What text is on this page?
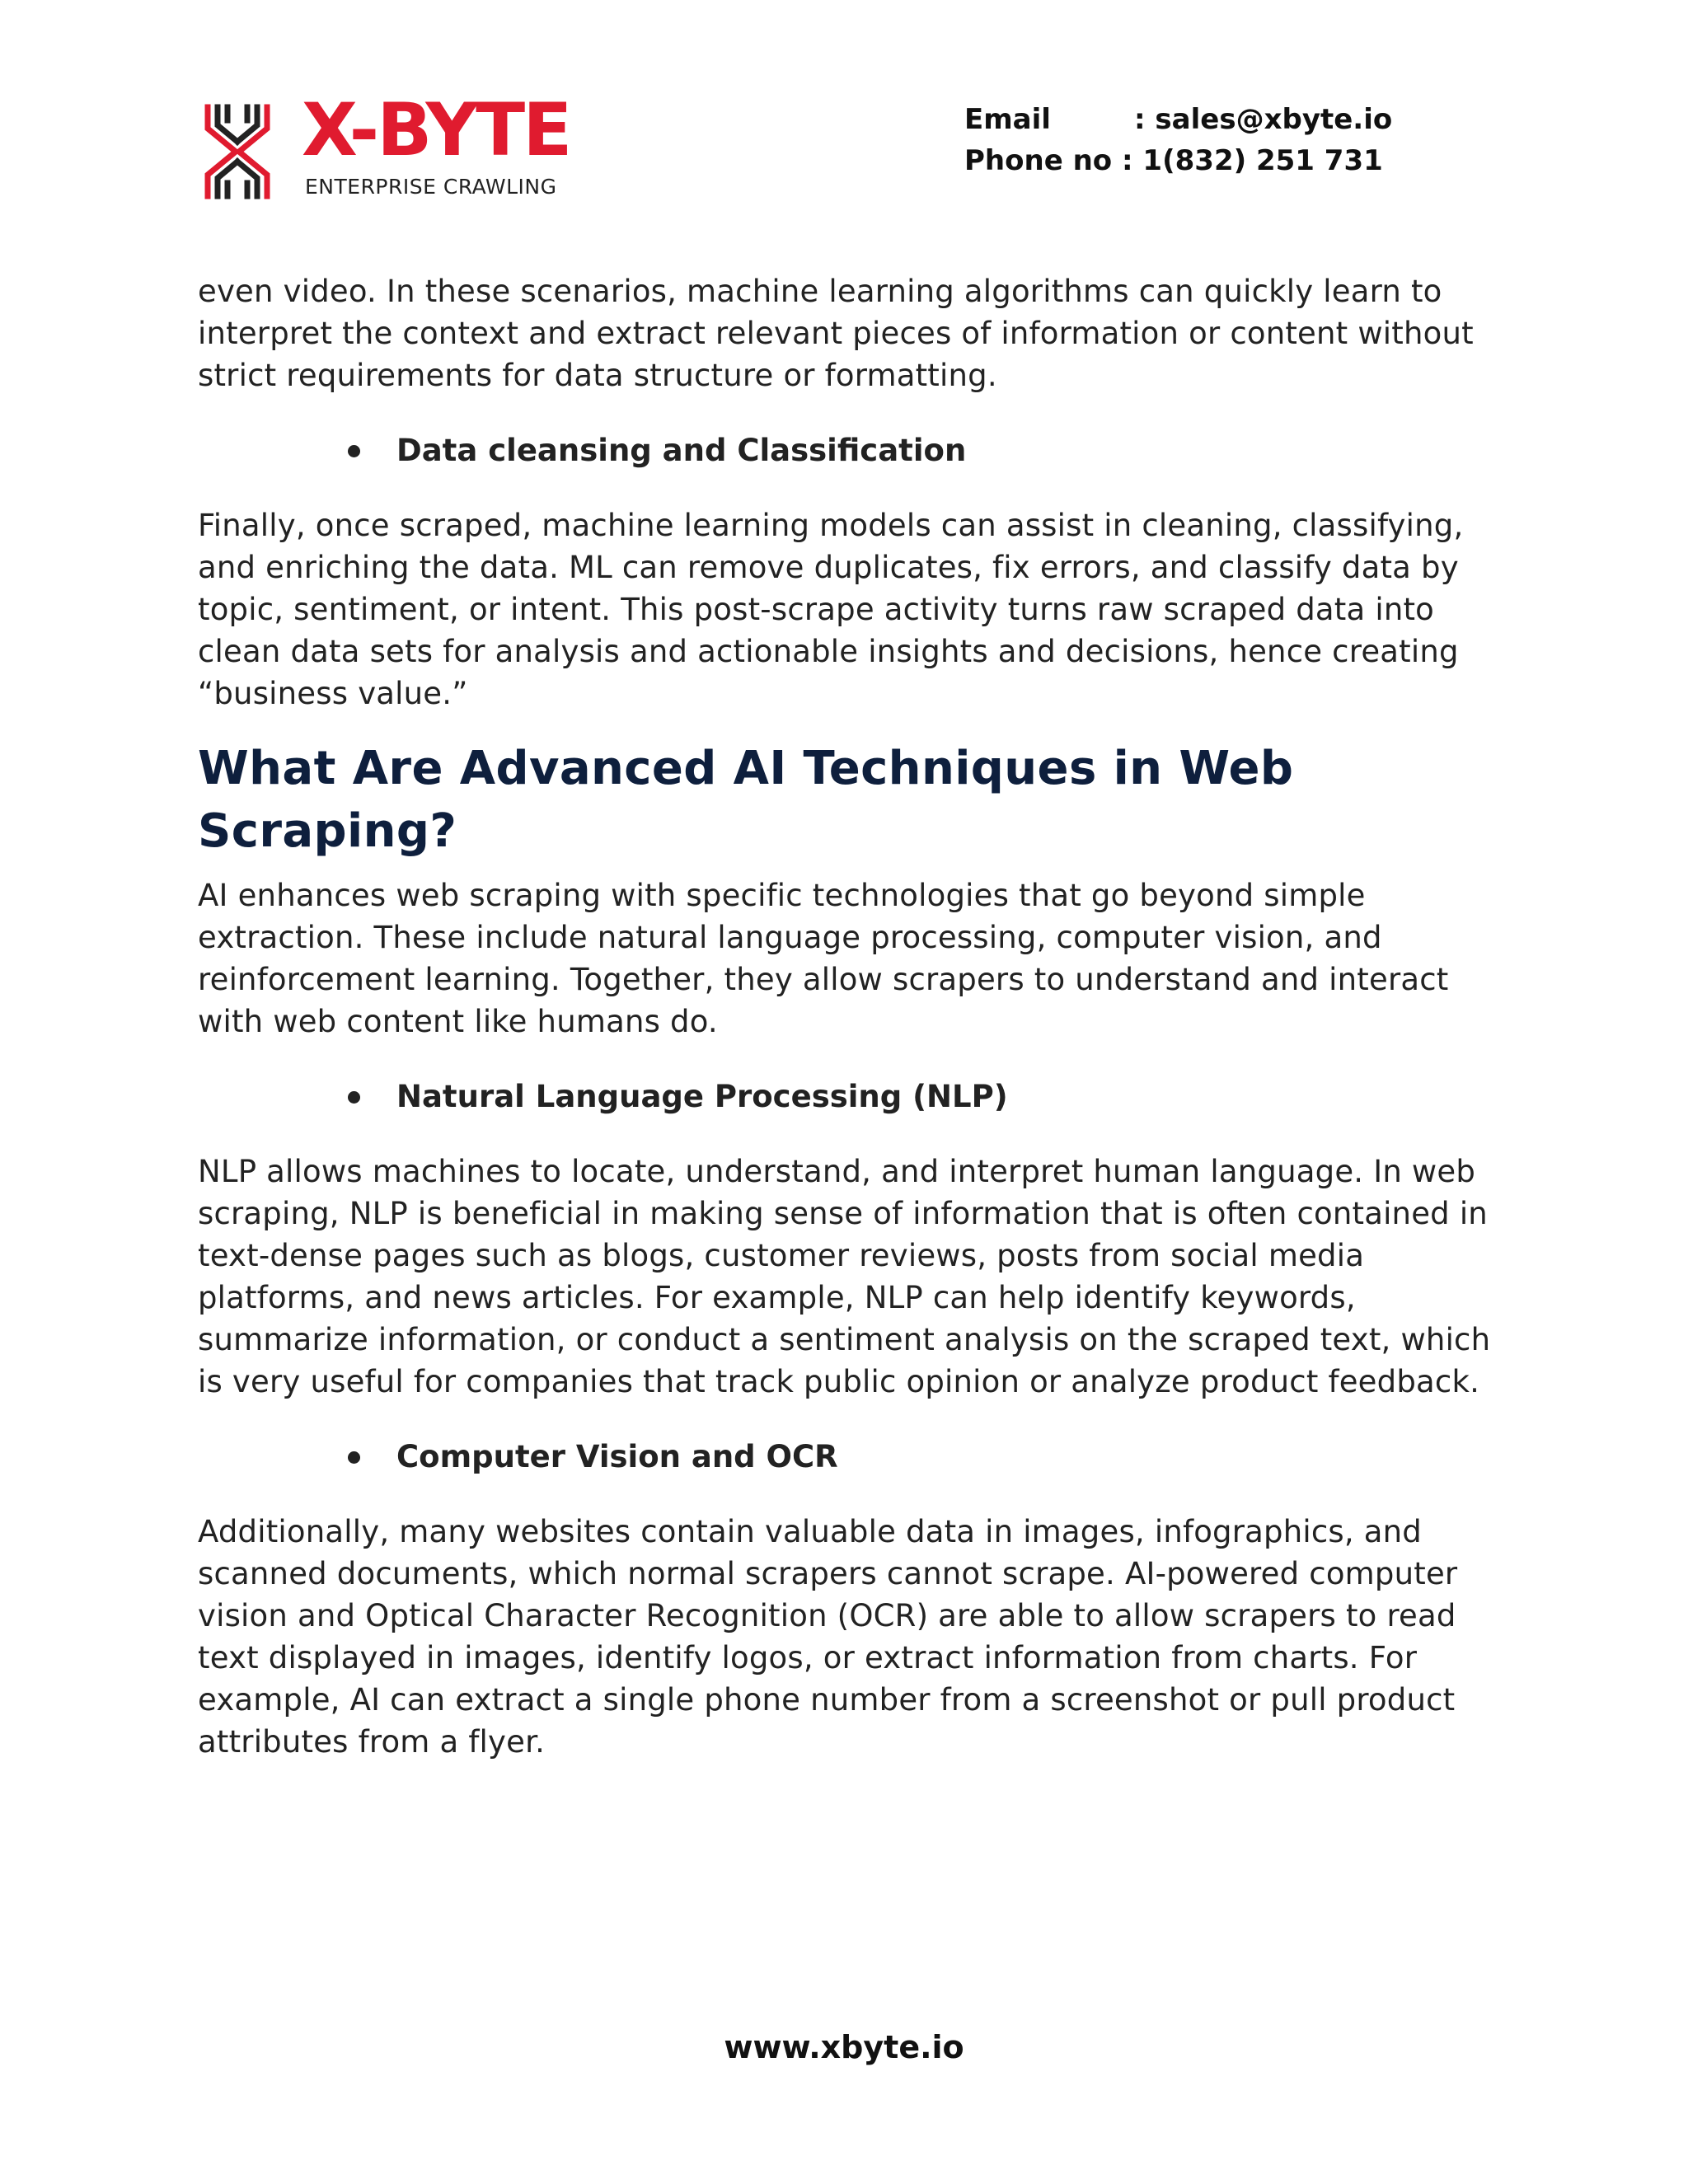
X-BYTE
ENTERPRISE CRAWLING
Email	: sales@xbyte.io
Phone no : 1(832) 251 731

even video. In these scenarios, machine learning algorithms can quickly learn to interpret the context and extract relevant pieces of information or content without strict requirements for data structure or formatting.

Data cleansing and Classification

Finally, once scraped, machine learning models can assist in cleaning, classifying, and enriching the data. ML can remove duplicates, fix errors, and classify data by topic, sentiment, or intent. This post-scrape activity turns raw scraped data into clean data sets for analysis and actionable insights and decisions, hence creating “business value.”

What Are Advanced AI Techniques in Web Scraping?

AI enhances web scraping with specific technologies that go beyond simple extraction. These include natural language processing, computer vision, and reinforcement learning. Together, they allow scrapers to understand and interact with web content like humans do.

Natural Language Processing (NLP)

NLP allows machines to locate, understand, and interpret human language. In web scraping, NLP is beneficial in making sense of information that is often contained in text-dense pages such as blogs, customer reviews, posts from social media platforms, and news articles. For example, NLP can help identify keywords, summarize information, or conduct a sentiment analysis on the scraped text, which is very useful for companies that track public opinion or analyze product feedback.

Computer Vision and OCR

Additionally, many websites contain valuable data in images, infographics, and scanned documents, which normal scrapers cannot scrape. AI-powered computer vision and Optical Character Recognition (OCR) are able to allow scrapers to read text displayed in images, identify logos, or extract information from charts. For example, AI can extract a single phone number from a screenshot or pull product attributes from a flyer.

www.xbyte.io
